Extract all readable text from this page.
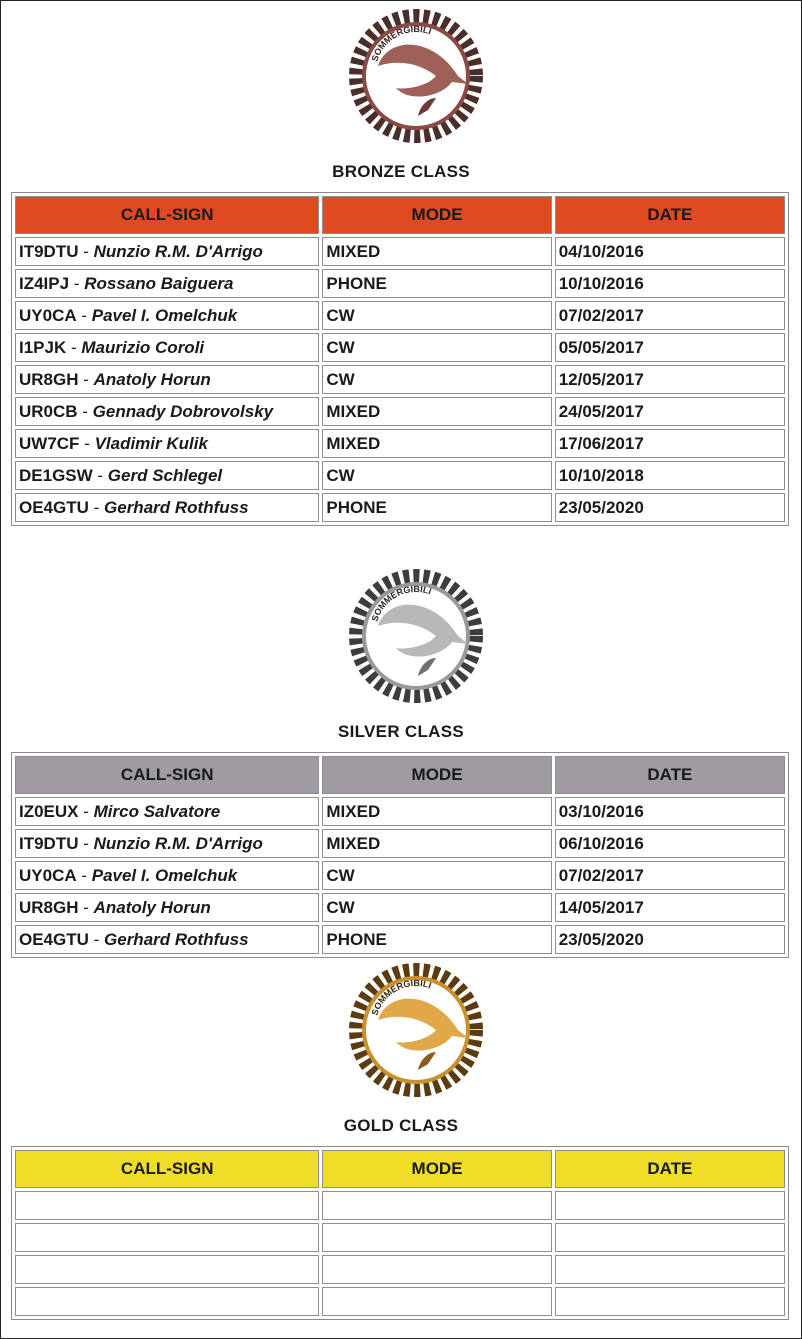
SOMMERGIBILI
BRONZE CLASS
CALL-SIGN	MODE	DATE
IT9DTU - Nunzio R.M. D'Arrigo	MIXED	04/10/2016
IZ4IPJ - Rossano Baiguera	PHONE	10/10/2016
UY0CA - Pavel I. Omelchuk	CW	07/02/2017
I1PJK - Maurizio Coroli	CW	05/05/2017
UR8GH - Anatoly Horun	CW	12/05/2017
UR0CB - Gennady Dobrovolsky	MIXED	24/05/2017
UW7CF - Vladimir Kulik	MIXED	17/06/2017
DE1GSW - Gerd Schlegel	CW	10/10/2018
OE4GTU - Gerhard Rothfuss	PHONE	23/05/2020
SOMMERGIBILI
SILVER CLASS
CALL-SIGN	MODE	DATE
IZ0EUX - Mirco Salvatore	MIXED	03/10/2016
IT9DTU - Nunzio R.M. D'Arrigo	MIXED	06/10/2016
UY0CA - Pavel I. Omelchuk	CW	07/02/2017
UR8GH - Anatoly Horun	CW	14/05/2017
OE4GTU - Gerhard Rothfuss	PHONE	23/05/2020
SOMMERGIBILI
GOLD CLASS
CALL-SIGN	MODE	DATE
